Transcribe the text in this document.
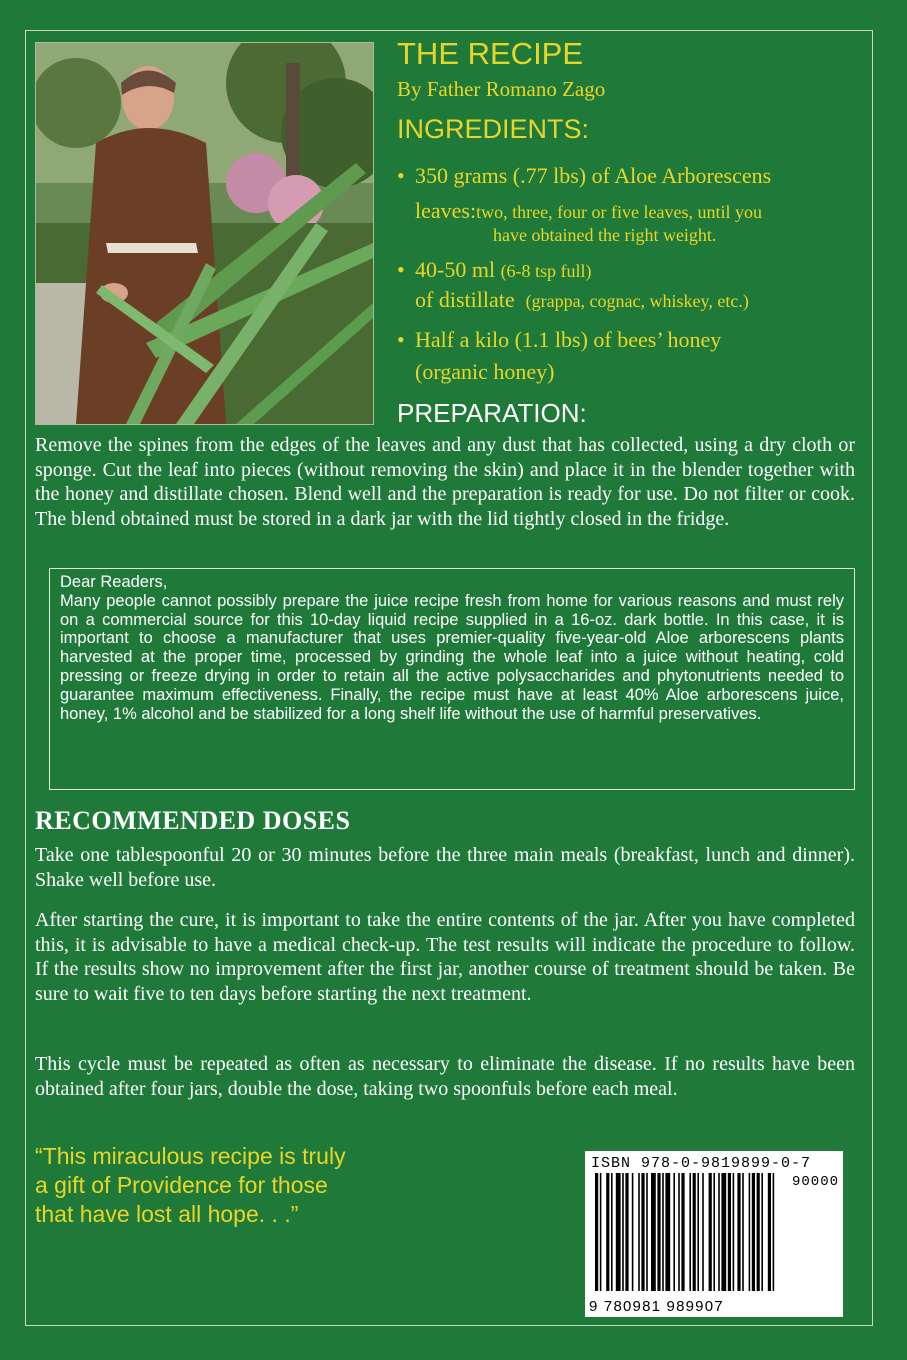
THE RECIPE
By Father Romano Zago
INGREDIENTS:
• 350 grams (.77 lbs) of Aloe Arborescens
leaves:two, three, four or five leaves, until you
have obtained the right weight.
• 40-50 ml (6-8 tsp full)
of distillate (grappa, cognac, whiskey, etc.)
• Half a kilo (1.1 lbs) of bees’ honey
(organic honey)
PREPARATION:
Remove the spines from the edges of the leaves and any dust that has collected, using a dry cloth or sponge. Cut the leaf into pieces (without removing the skin) and place it in the blender together with the honey and distillate chosen. Blend well and the preparation is ready for use. Do not filter or cook. The blend obtained must be stored in a dark jar with the lid tightly closed in the fridge.
Dear Readers,
Many people cannot possibly prepare the juice recipe fresh from home for various reasons and must rely on a commercial source for this 10-day liquid recipe supplied in a 16-oz. dark bottle. In this case, it is important to choose a manufacturer that uses premier-quality five-year-old Aloe arborescens plants harvested at the proper time, processed by grinding the whole leaf into a juice without heating, cold pressing or freeze drying in order to retain all the active polysaccharides and phytonutrients needed to guarantee maximum effectiveness. Finally, the recipe must have at least 40% Aloe arborescens juice, honey, 1% alcohol and be stabilized for a long shelf life without the use of harmful preservatives.
RECOMMENDED DOSES
Take one tablespoonful 20 or 30 minutes before the three main meals (breakfast, lunch and dinner). Shake well before use.
After starting the cure, it is important to take the entire contents of the jar. After you have completed this, it is advisable to have a medical check-up. The test results will indicate the procedure to follow. If the results show no improvement after the first jar, another course of treatment should be taken. Be sure to wait five to ten days before starting the next treatment.
This cycle must be repeated as often as necessary to eliminate the disease. If no results have been obtained after four jars, double the dose, taking two spoonfuls before each meal.
“This miraculous recipe is truly
a gift of Providence for those
that have lost all hope. . .”
ISBN 978-0-9819899-0-7
90000
9 780981 989907
